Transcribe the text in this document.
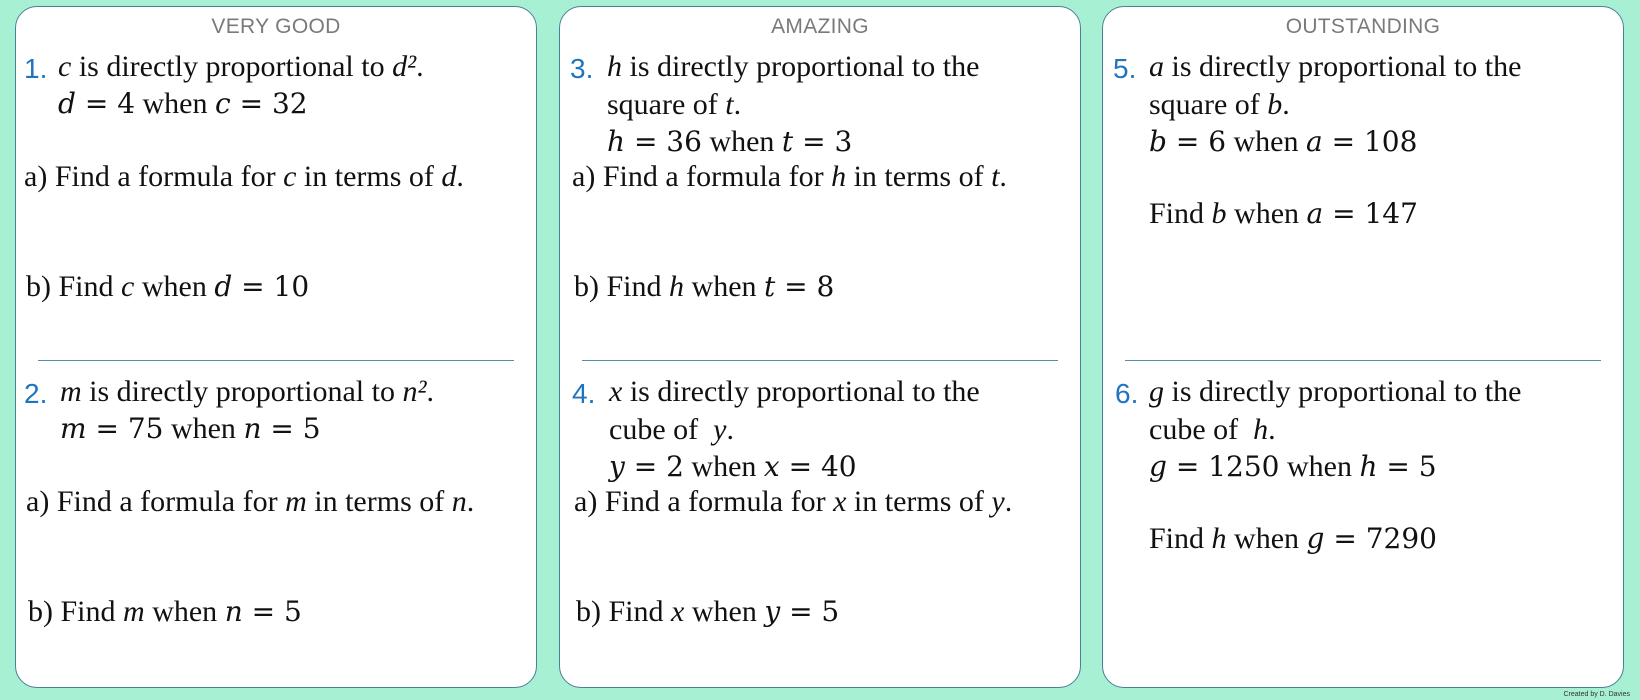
VERY GOOD
1. c is directly proportional to d².
d = 4 when c = 32
a) Find a formula for c in terms of d.
b) Find c when d = 10
2. m is directly proportional to n².
m = 75 when n = 5
a) Find a formula for m in terms of n.
b) Find m when n = 5
AMAZING
3. h is directly proportional to the
square of t.
h = 36 when t = 3
a) Find a formula for h in terms of t.
b) Find h when t = 8
4. x is directly proportional to the
cube of  y.
y = 2 when x = 40
a) Find a formula for x in terms of y.
b) Find x when y = 5
OUTSTANDING
5. a is directly proportional to the
square of b.
b = 6 when a = 108
Find b when a = 147
6. g is directly proportional to the
cube of  h.
g = 1250 when h = 5
Find h when g = 7290
Created by D. Davies
